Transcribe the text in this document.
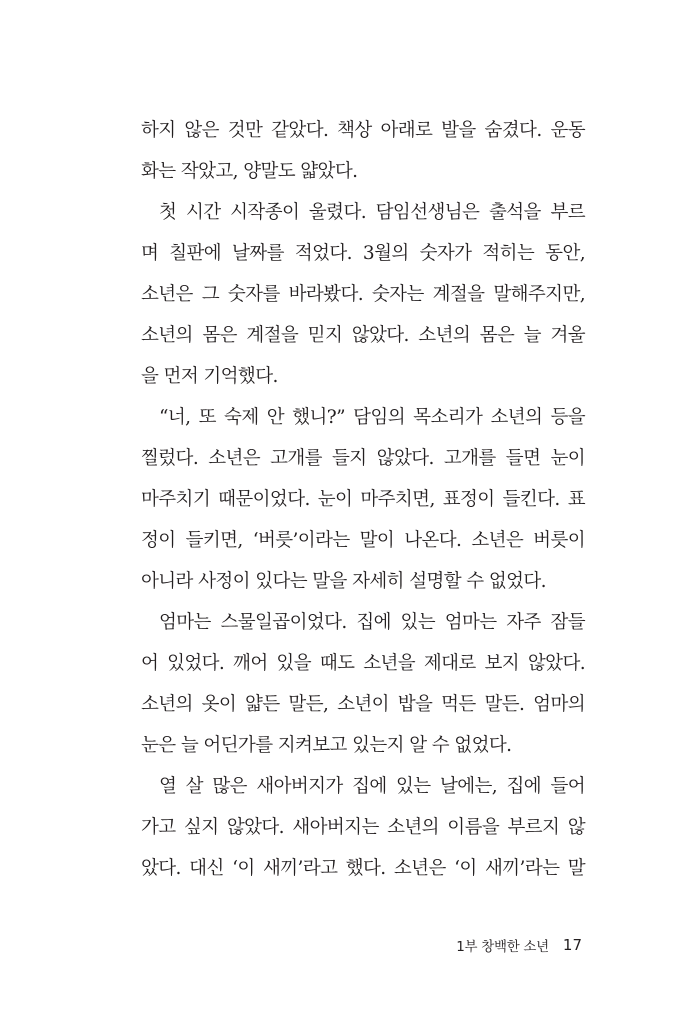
하지 않은 것만 같았다. 책상 아래로 발을 숨겼다. 운동
화는 작았고, 양말도 얇았다.
첫 시간 시작종이 울렸다. 담임선생님은 출석을 부르
며 칠판에 날짜를 적었다. 3월의 숫자가 적히는 동안,
소년은 그 숫자를 바라봤다. 숫자는 계절을 말해주지만,
소년의 몸은 계절을 믿지 않았다. 소년의 몸은 늘 겨울
을 먼저 기억했다.
“너, 또 숙제 안 했니?” 담임의 목소리가 소년의 등을
찔렀다. 소년은 고개를 들지 않았다. 고개를 들면 눈이
마주치기 때문이었다. 눈이 마주치면, 표정이 들킨다. 표
정이 들키면, ‘버릇’이라는 말이 나온다. 소년은 버릇이
아니라 사정이 있다는 말을 자세히 설명할 수 없었다.
엄마는 스물일곱이었다. 집에 있는 엄마는 자주 잠들
어 있었다. 깨어 있을 때도 소년을 제대로 보지 않았다.
소년의 옷이 얇든 말든, 소년이 밥을 먹든 말든. 엄마의
눈은 늘 어딘가를 지켜보고 있는지 알 수 없었다.
열 살 많은 새아버지가 집에 있는 날에는, 집에 들어
가고 싶지 않았다. 새아버지는 소년의 이름을 부르지 않
았다. 대신 ‘이 새끼’라고 했다. 소년은 ‘이 새끼’라는 말
1부 창백한 소년 17
